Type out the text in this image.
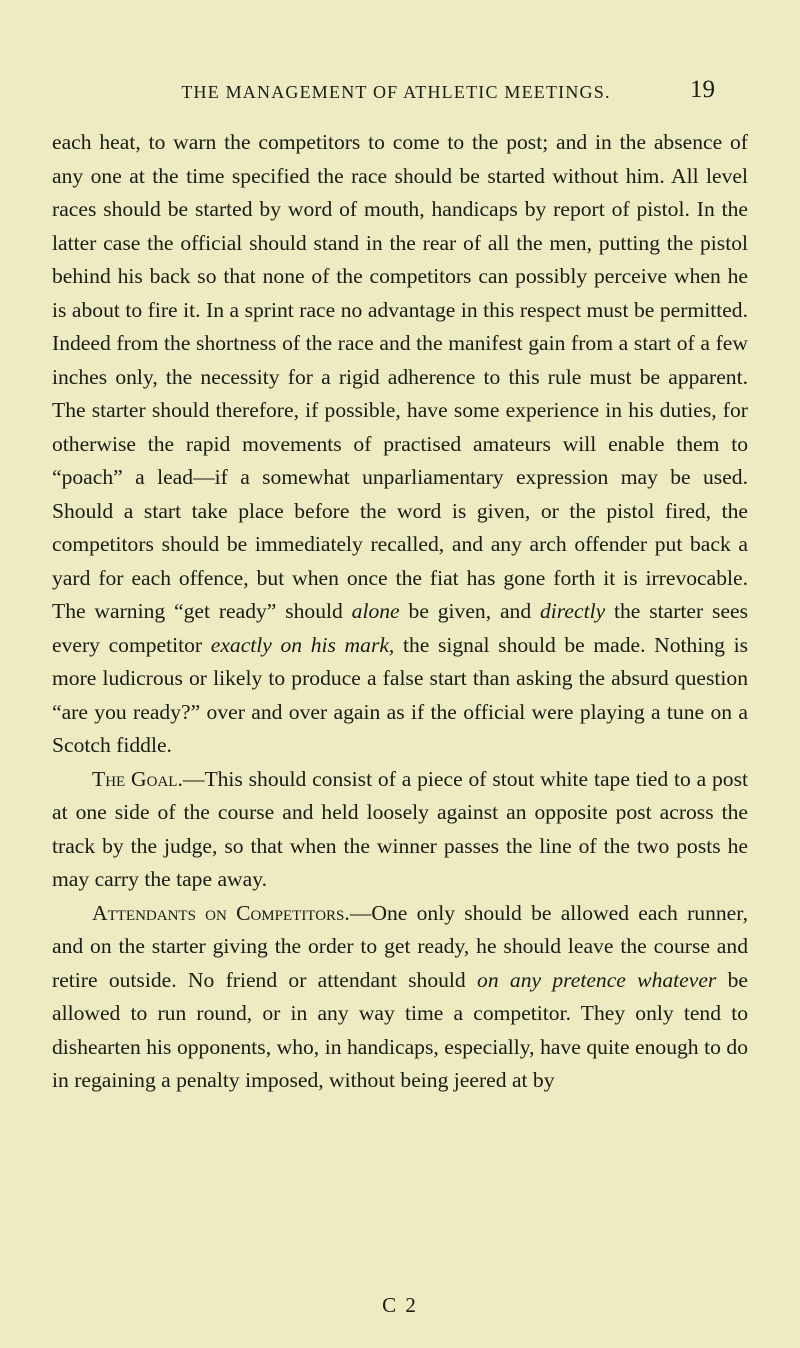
THE MANAGEMENT OF ATHLETIC MEETINGS.	19

each heat, to warn the competitors to come to the post; and in the absence of any one at the time specified the race should be started without him. All level races should be started by word of mouth, handicaps by report of pistol. In the latter case the official should stand in the rear of all the men, putting the pistol behind his back so that none of the competitors can possibly perceive when he is about to fire it. In a sprint race no advantage in this respect must be permitted. Indeed from the shortness of the race and the manifest gain from a start of a few inches only, the necessity for a rigid adherence to this rule must be apparent. The starter should therefore, if possible, have some experience in his duties, for otherwise the rapid movements of practised amateurs will enable them to “poach” a lead—if a somewhat unparliamentary expression may be used. Should a start take place before the word is given, or the pistol fired, the competitors should be immediately recalled, and any arch offender put back a yard for each offence, but when once the fiat has gone forth it is irrevocable. The warning “get ready” should alone be given, and directly the starter sees every competitor exactly on his mark, the signal should be made. Nothing is more ludicrous or likely to produce a false start than asking the absurd question “are you ready?” over and over again as if the official were playing a tune on a Scotch fiddle.

The Goal.—This should consist of a piece of stout white tape tied to a post at one side of the course and held loosely against an opposite post across the track by the judge, so that when the winner passes the line of the two posts he may carry the tape away.

Attendants on Competitors.—One only should be allowed each runner, and on the starter giving the order to get ready, he should leave the course and retire outside. No friend or attendant should on any pretence whatever be allowed to run round, or in any way time a competitor. They only tend to dishearten his opponents, who, in handicaps, especially, have quite enough to do in regaining a penalty imposed, without being jeered at by

C 2
